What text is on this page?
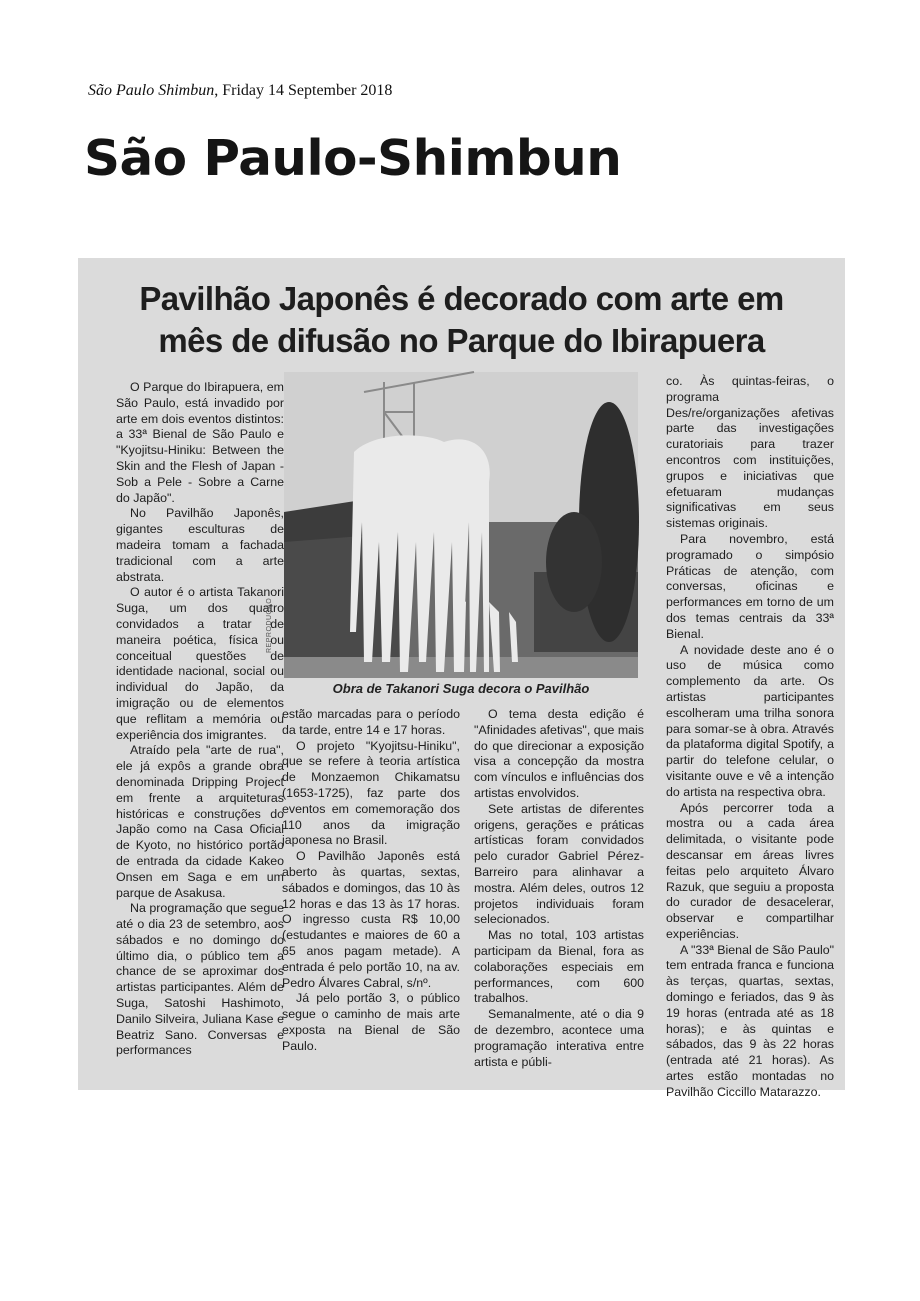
São Paulo Shimbun, Friday 14 September 2018
São Paulo-Shimbun
Pavilhão Japonês é decorado com arte em
mês de difusão no Parque do Ibirapuera

O Parque do Ibirapuera, em São Paulo, está invadido por arte em dois eventos distintos: a 33ª Bienal de São Paulo e "Kyojitsu-Hiniku: Between the Skin and the Flesh of Japan - Sob a Pele - Sobre a Carne do Japão".

No Pavilhão Japonês, gigantes esculturas de madeira tomam a fachada tradicional com a arte abstrata.

O autor é o artista Takanori Suga, um dos quatro convidados a tratar de maneira poética, física ou conceitual questões de identidade nacional, social ou individual do Japão, da imigração ou de elementos que reflitam a memória ou experiência dos imigrantes.

Atraído pela "arte de rua", ele já expôs a grande obra denominada Dripping Project em frente a arquiteturas históricas e construções do Japão como na Casa Oficial de Kyoto, no histórico portão de entrada da cidade Kakeo Onsen em Saga e em um parque de Asakusa.

Na programação que segue até o dia 23 de setembro, aos sábados e no domingo do último dia, o público tem a chance de se aproximar dos artistas participantes. Além de Suga, Satoshi Hashimoto, Danilo Silveira, Juliana Kase e Beatriz Sano. Conversas e performances

REPRODUÇÃO
Obra de Takanori Suga decora o Pavilhão

estão marcadas para o período da tarde, entre 14 e 17 horas.

O projeto "Kyojitsu-Hiniku", que se refere à teoria artística de Monzaemon Chikamatsu (1653-1725), faz parte dos eventos em comemoração dos 110 anos da imigração japonesa no Brasil.

O Pavilhão Japonês está aberto às quartas, sextas, sábados e domingos, das 10 às 12 horas e das 13 às 17 horas. O ingresso custa R$ 10,00 (estudantes e maiores de 60 a 65 anos pagam metade). A entrada é pelo portão 10, na av. Pedro Álvares Cabral, s/nº.

Já pelo portão 3, o público segue o caminho de mais arte exposta na Bienal de São Paulo.

O tema desta edição é "Afinidades afetivas", que mais do que direcionar a exposição visa a concepção da mostra com vínculos e influências dos artistas envolvidos.

Sete artistas de diferentes origens, gerações e práticas artísticas foram convidados pelo curador Gabriel Pérez-Barreiro para alinhavar a mostra. Além deles, outros 12 projetos individuais foram selecionados.

Mas no total, 103 artistas participam da Bienal, fora as colaborações especiais em performances, com 600 trabalhos.

Semanalmente, até o dia 9 de dezembro, acontece uma programação interativa entre artista e públi-

co. Às quintas-feiras, o programa Des/re/organizações afetivas parte das investigações curatoriais para trazer encontros com instituições, grupos e iniciativas que efetuaram mudanças significativas em seus sistemas originais.

Para novembro, está programado o simpósio Práticas de atenção, com conversas, oficinas e performances em torno de um dos temas centrais da 33ª Bienal.

A novidade deste ano é o uso de música como complemento da arte. Os artistas participantes escolheram uma trilha sonora para somar-se à obra. Através da plataforma digital Spotify, a partir do telefone celular, o visitante ouve e vê a intenção do artista na respectiva obra.

Após percorrer toda a mostra ou a cada área delimitada, o visitante pode descansar em áreas livres feitas pelo arquiteto Álvaro Razuk, que seguiu a proposta do curador de desacelerar, observar e compartilhar experiências.

A "33ª Bienal de São Paulo" tem entrada franca e funciona às terças, quartas, sextas, domingo e feriados, das 9 às 19 horas (entrada até as 18 horas); e às quintas e sábados, das 9 às 22 horas (entrada até 21 horas). As artes estão montadas no Pavilhão Ciccillo Matarazzo.
